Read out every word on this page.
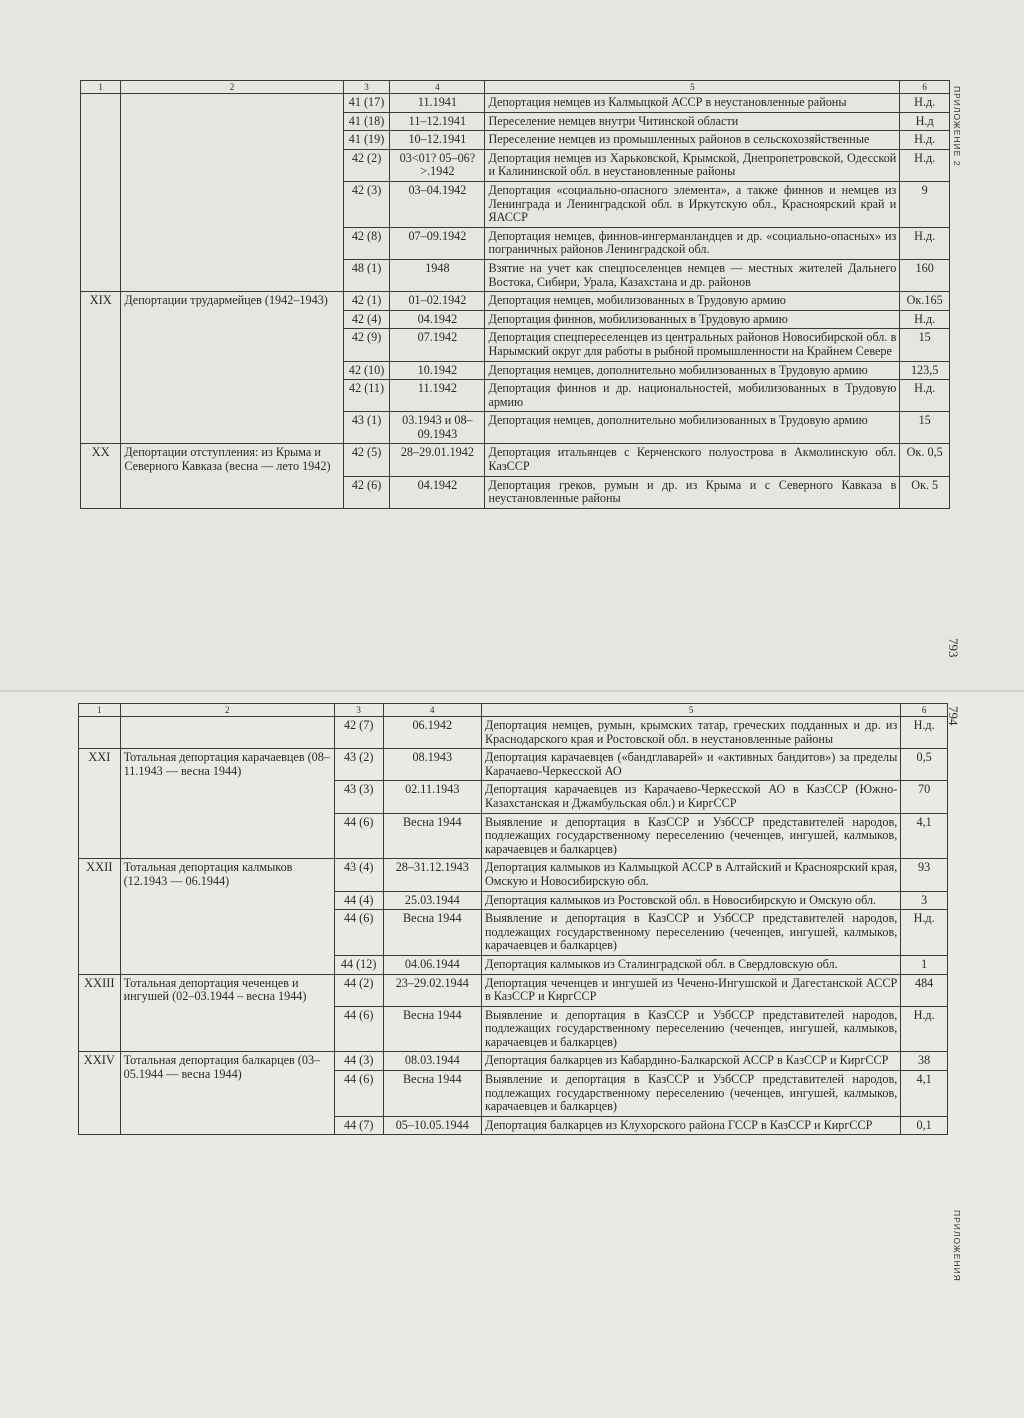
ПРИЛОЖЕНИЕ 2
793
794
ПРИЛОЖЕНИЯ
1	2	3	4	5	6
		41 (17)	11.1941	Депортация немцев из Калмыцкой АССР в неустановленные районы	Н.д.
		41 (18)	11–12.1941	Переселение немцев внутри Читинской области	Н.д
		41 (19)	10–12.1941	Переселение немцев из промышленных районов в сельскохозяйственные	Н.д.
		42 (2)	03<01? 05–06?>.1942	Депортация немцев из Харьковской, Крымской, Днепропетровской, Одесской и Калининской обл. в неустановленные районы	Н.д.
		42 (3)	03–04.1942	Депортация «социально-опасного элемента», а также финнов и немцев из Ленинграда и Ленинградской обл. в Иркутскую обл., Красноярский край и ЯАССР	9
		42 (8)	07–09.1942	Депортация немцев, финнов-ингерманландцев и др. «социально-опасных» из пограничных районов Ленинградской обл.	Н.д.
		48 (1)	1948	Взятие на учет как спецпоселенцев немцев — местных жителей Дальнего Востока, Сибири, Урала, Казахстана и др. районов	160
XIX	Депортации трудармейцев (1942–1943)	42 (1)	01–02.1942	Депортация немцев, мобилизованных в Трудовую армию	Ок.165
		42 (4)	04.1942	Депортация финнов, мобилизованных в Трудовую армию	Н.д.
		42 (9)	07.1942	Депортация спецпереселенцев из центральных районов Новосибирской обл. в Нарымский округ для работы в рыбной промышленности на Крайнем Севере	15
		42 (10)	10.1942	Депортация немцев, дополнительно мобилизованных в Трудовую армию	123,5
		42 (11)	11.1942	Депортация финнов и др. национальностей, мобилизованных в Трудовую армию	Н.д.
		43 (1)	03.1943 и 08–09.1943	Депортация немцев, дополнительно мобилизованных в Трудовую армию	15
XX	Депортации отступления: из Крыма и Северного Кавказа (весна — лето 1942)	42 (5)	28–29.01.1942	Депортация итальянцев с Керченского полуострова в Акмолинскую обл. КазССР	Ок. 0,5
		42 (6)	04.1942	Депортация греков, румын и др. из Крыма и с Северного Кавказа в неустановленные районы	Ок. 5
1	2	3	4	5	6
		42 (7)	06.1942	Депортация немцев, румын, крымских татар, греческих подданных и др. из Краснодарского края и Ростовской обл. в неустановленные районы	Н.д.
XXI	Тотальная депортация карачаевцев (08–11.1943 — весна 1944)	43 (2)	08.1943	Депортация карачаевцев («бандглаварей» и «активных бандитов») за пределы Карачаево-Черкесской АО	0,5
		43 (3)	02.11.1943	Депортация карачаевцев из Карачаево-Черкесской АО в КазССР (Южно-Казахстанская и Джамбульская обл.) и КиргССР	70
		44 (6)	Весна 1944	Выявление и депортация в КазССР и УзбССР представителей народов, подлежащих государственному переселению (чеченцев, ингушей, калмыков, карачаевцев и балкарцев)	4,1
XXII	Тотальная депортация калмыков (12.1943 — 06.1944)	43 (4)	28–31.12.1943	Депортация калмыков из Калмыцкой АССР в Алтайский и Красноярский края, Омскую и Новосибирскую обл.	93
		44 (4)	25.03.1944	Депортация калмыков из Ростовской обл. в Новосибирскую и Омскую обл.	3
		44 (6)	Весна 1944	Выявление и депортация в КазССР и УзбССР представителей народов, подлежащих государственному переселению (чеченцев, ингушей, калмыков, карачаевцев и балкарцев)	Н.д.
		44 (12)	04.06.1944	Депортация калмыков из Сталинградской обл. в Свердловскую обл.	1
XXIII	Тотальная депортация чеченцев и ингушей (02–03.1944 – весна 1944)	44 (2)	23–29.02.1944	Депортация чеченцев и ингушей из Чечено-Ингушской и Дагестанской АССР в КазССР и КиргССР	484
		44 (6)	Весна 1944	Выявление и депортация в КазССР и УзбССР представителей народов, подлежащих государственному переселению (чеченцев, ингушей, калмыков, карачаевцев и балкарцев)	Н.д.
XXIV	Тотальная депортация балкарцев (03–05.1944 — весна 1944)	44 (3)	08.03.1944	Депортация балкарцев из Кабардино-Балкарской АССР в КазССР и КиргССР	38
		44 (6)	Весна 1944	Выявление и депортация в КазССР и УзбССР представителей народов, подлежащих государственному переселению (чеченцев, ингушей, калмыков, карачаевцев и балкарцев)	4,1
		44 (7)	05–10.05.1944	Депортация балкарцев из Клухорского района ГССР в КазССР и КиргССР	0,1
